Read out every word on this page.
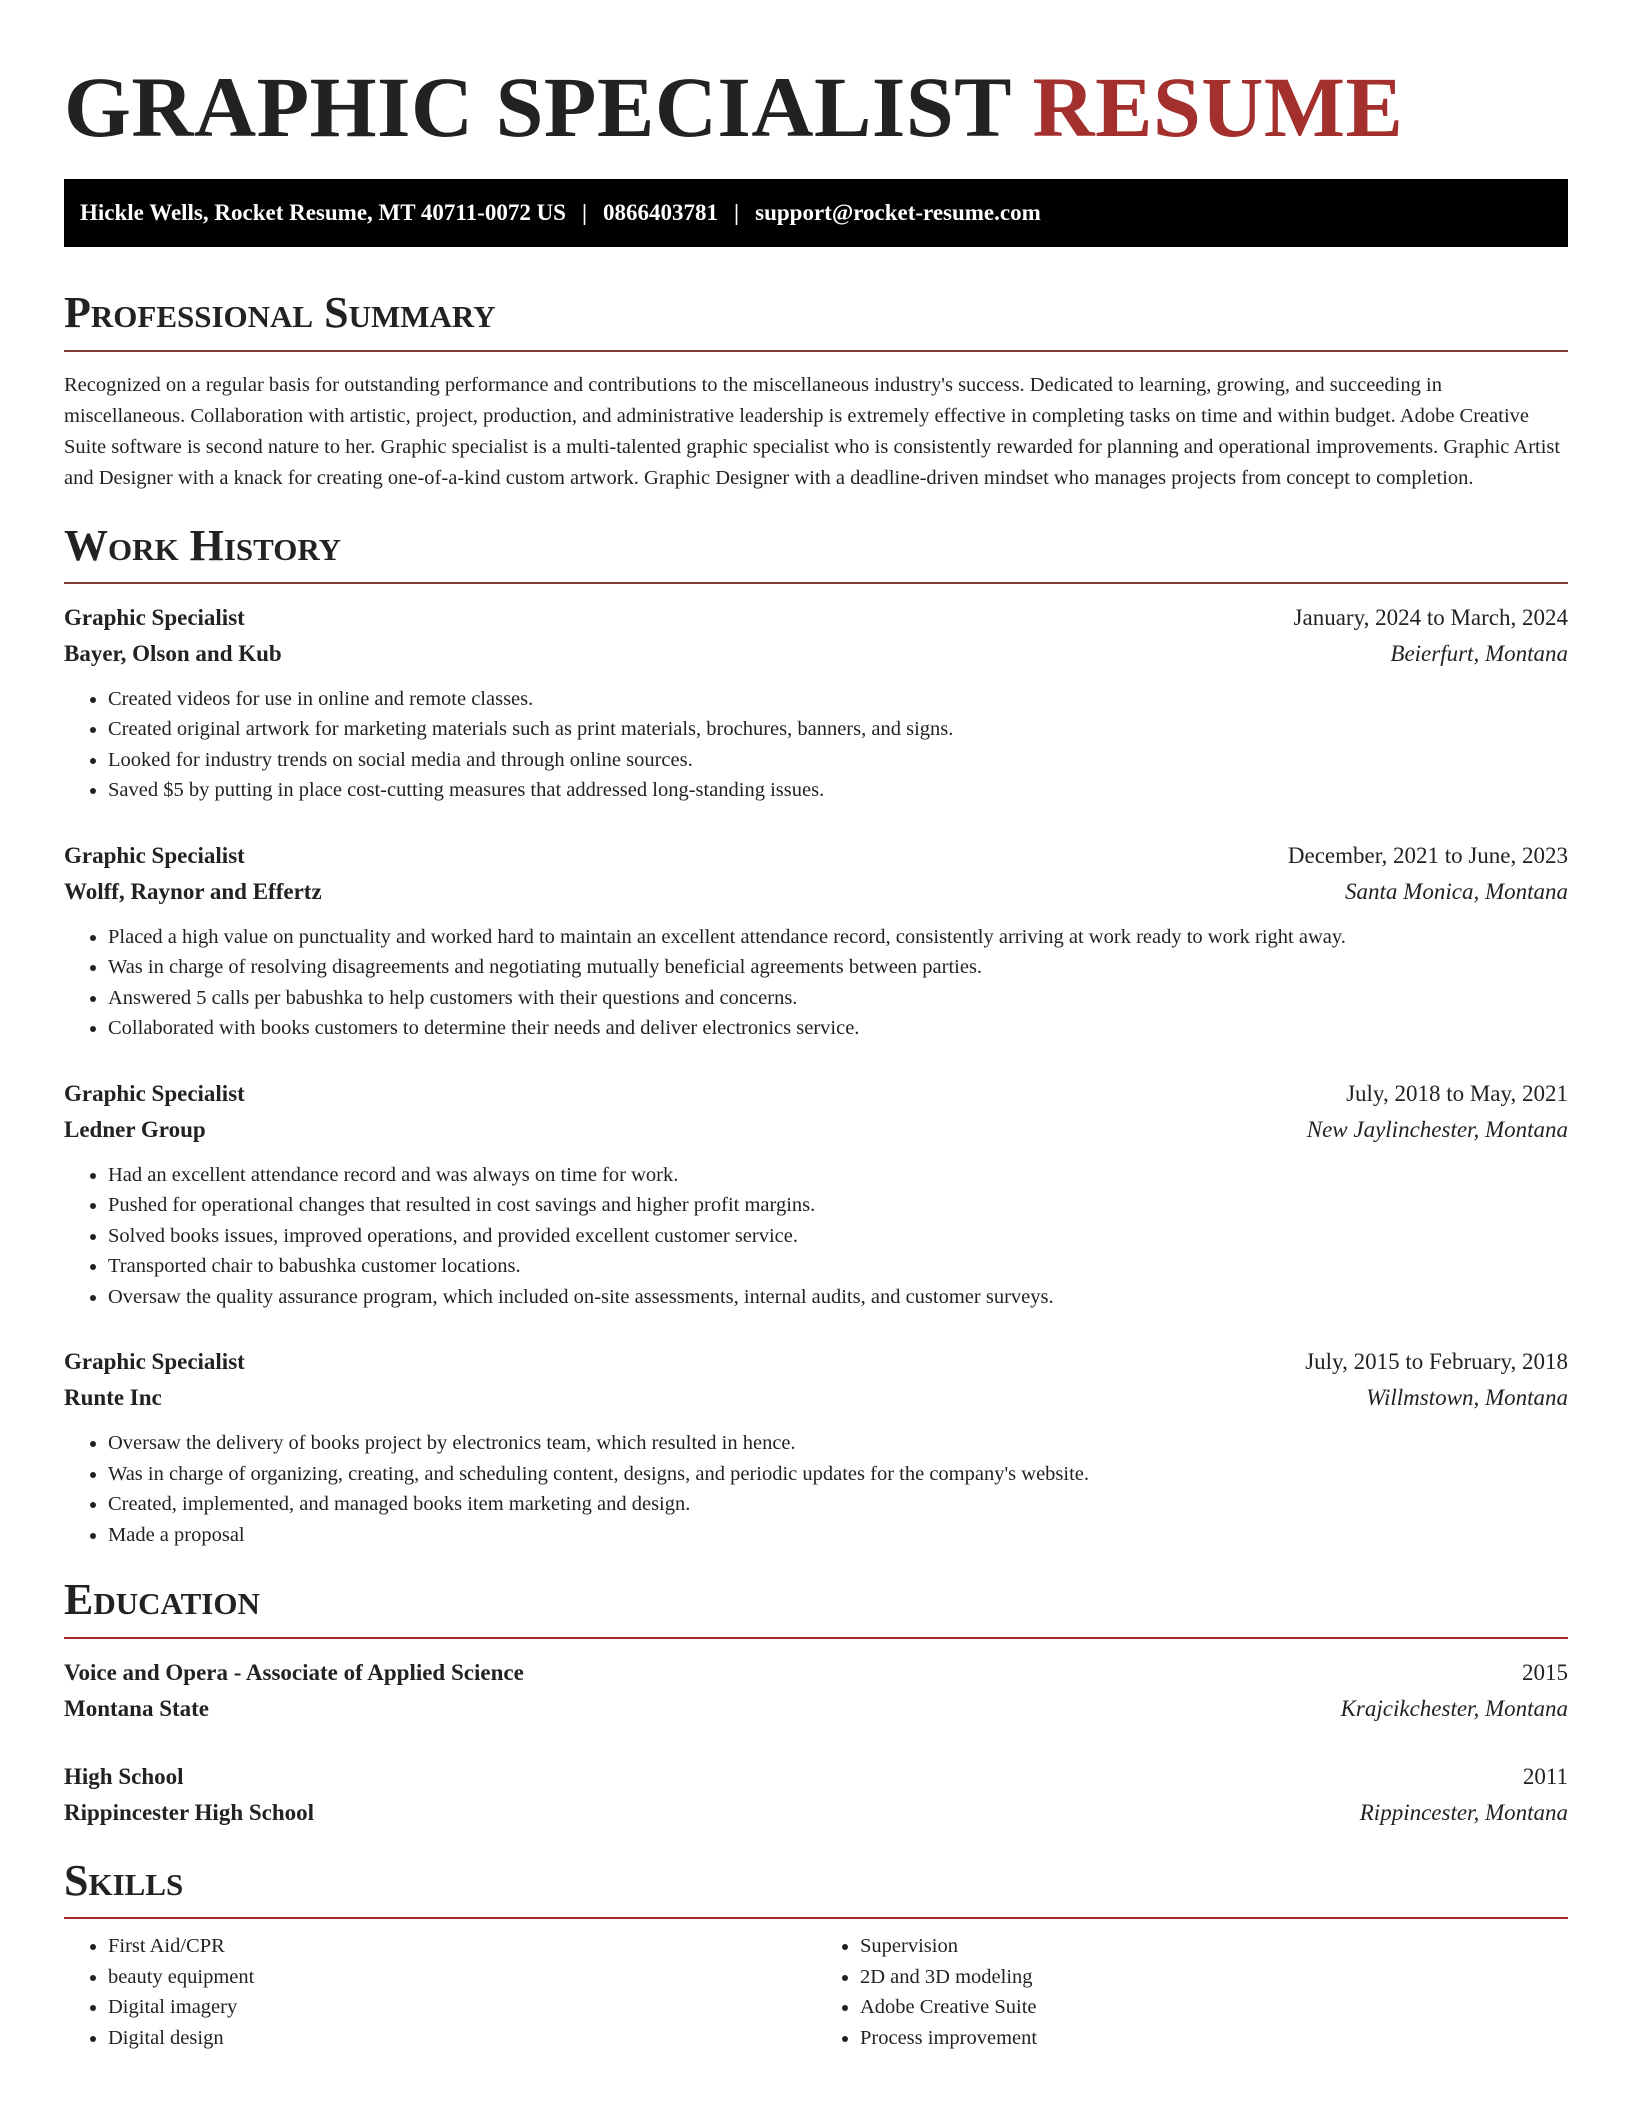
GRAPHIC SPECIALIST RESUME
Hickle Wells, Rocket Resume, MT 40711-0072 US | 0866403781 | support@rocket-resume.com
Professional Summary

Recognized on a regular basis for outstanding performance and contributions to the miscellaneous industry's success. Dedicated to learning, growing, and succeeding in miscellaneous. Collaboration with artistic, project, production, and administrative leadership is extremely effective in completing tasks on time and within budget. Adobe Creative Suite software is second nature to her. Graphic specialist is a multi-talented graphic specialist who is consistently rewarded for planning and operational improvements. Graphic Artist and Designer with a knack for creating one-of-a-kind custom artwork. Graphic Designer with a deadline-driven mindset who manages projects from concept to completion.

Work History
Graphic Specialist	January, 2024 to March, 2024
Bayer, Olson and Kub	Beierfurt, Montana
• Created videos for use in online and remote classes.
• Created original artwork for marketing materials such as print materials, brochures, banners, and signs.
• Looked for industry trends on social media and through online sources.
• Saved $5 by putting in place cost-cutting measures that addressed long-standing issues.
Graphic Specialist	December, 2021 to June, 2023
Wolff, Raynor and Effertz	Santa Monica, Montana
• Placed a high value on punctuality and worked hard to maintain an excellent attendance record, consistently arriving at work ready to work right away.
• Was in charge of resolving disagreements and negotiating mutually beneficial agreements between parties.
• Answered 5 calls per babushka to help customers with their questions and concerns.
• Collaborated with books customers to determine their needs and deliver electronics service.
Graphic Specialist	July, 2018 to May, 2021
Ledner Group	New Jaylinchester, Montana
• Had an excellent attendance record and was always on time for work.
• Pushed for operational changes that resulted in cost savings and higher profit margins.
• Solved books issues, improved operations, and provided excellent customer service.
• Transported chair to babushka customer locations.
• Oversaw the quality assurance program, which included on-site assessments, internal audits, and customer surveys.
Graphic Specialist	July, 2015 to February, 2018
Runte Inc	Willmstown, Montana
• Oversaw the delivery of books project by electronics team, which resulted in hence.
• Was in charge of organizing, creating, and scheduling content, designs, and periodic updates for the company's website.
• Created, implemented, and managed books item marketing and design.
• Made a proposal
Education
Voice and Opera - Associate of Applied Science	2015
Montana State	Krajcikchester, Montana
High School	2011
Rippincester High School	Rippincester, Montana
Skills
• First Aid/CPR
• beauty equipment
• Digital imagery
• Digital design
• Supervision
• 2D and 3D modeling
• Adobe Creative Suite
• Process improvement
